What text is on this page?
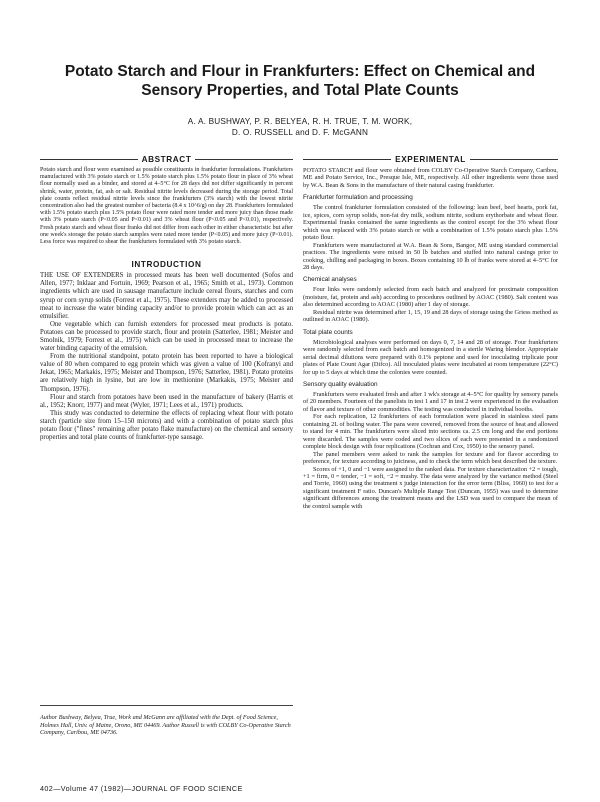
Potato Starch and Flour in Frankfurters: Effect on Chemical and Sensory Properties, and Total Plate Counts
A. A. BUSHWAY, P. R. BELYEA, R. H. TRUE, T. M. WORK,
D. O. RUSSELL and D. F. McGANN
ABSTRACT

Potato starch and flour were examined as possible constituents in frankfurter formulations. Frankfurters manufactured with 3% potato starch or 1.5% potato starch plus 1.5% potato flour in place of 3% wheat flour normally used as a binder, and stored at 4–5°C for 28 days did not differ significantly in percent shrink, water, protein, fat, ash or salt. Residual nitrite levels decreased during the storage period. Total plate counts reflect residual nitrite levels since the frankfurters (3% starch) with the lowest nitrite concentration also had the greatest number of bacteria (8.4 x 10^6/g) on day 28. Frankfurters formulated with 1.5% potato starch plus 1.5% potato flour were rated more tender and more juicy than those made with 3% potato starch (P<0.05 and P<0.01) and 3% wheat flour (P<0.05 and P<0.01), respectively. Fresh potato starch and wheat flour franks did not differ from each other in either characteristic but after one week's storage the potato starch samples were rated more tender (P<0.05) and more juicy (P<0.01). Less force was required to shear the frankfurters formulated with 3% potato starch.

INTRODUCTION

THE USE OF EXTENDERS in processed meats has been well documented (Sofos and Allen, 1977; Inklaar and Fortuin, 1969; Pearson et al., 1965; Smith et al., 1973). Common ingredients which are used in sausage manufacture include cereal flours, starches and corn syrup or corn syrup solids (Forrest et al., 1975). These extenders may be added to processed meat to increase the water binding capacity and/or to provide protein which can act as an emulsifier.

One vegetable which can furnish extenders for processed meat products is potato. Potatoes can be processed to provide starch, flour and protein (Satterlee, 1981; Meister and Smolnik, 1979; Forrest et al., 1975) which can be used in processed meat to increase the water binding capacity of the emulsion.

From the nutritional standpoint, potato protein has been reported to have a biological value of 80 when compared to egg protein which was given a value of 100 (Kofranyi and Jekat, 1965; Markakis, 1975; Meister and Thompson, 1976; Satterlee, 1981). Potato proteins are relatively high in lysine, but are low in methionine (Markakis, 1975; Meister and Thompson, 1976).

Flour and starch from potatoes have been used in the manufacture of bakery (Harris et al., 1952; Knorr, 1977) and meat (Wyler, 1971; Lees et al., 1971) products.

This study was conducted to determine the effects of replacing wheat flour with potato starch (particle size from 15–150 microns) and with a combination of potato starch plus potato flour ("fines" remaining after potato flake manufacture) on the chemical and sensory properties and total plate counts of frankfurter-type sausage.

Author Bushway, Belyea, True, Work and McGann are affiliated with the Dept. of Food Science, Holmes Hall, Univ. of Maine, Orono, ME 04469. Author Russell is with COLBY Co-Operative Starch Company, Caribou, ME 04736.

EXPERIMENTAL

POTATO STARCH and flour were obtained from COLBY Co-Operative Starch Company, Caribou, ME and Potato Service, Inc., Presque Isle, ME, respectively. All other ingredients were those used by W.A. Bean & Sons in the manufacture of their natural casing frankfurter.

Frankfurter formulation and processing

The control frankfurter formulation consisted of the following: lean beef, beef hearts, pork fat, ice, spices, corn syrup solids, non-fat dry milk, sodium nitrite, sodium erythorbate and wheat flour. Experimental franks contained the same ingredients as the control except for the 3% wheat flour which was replaced with 3% potato starch or with a combination of 1.5% potato starch plus 1.5% potato flour.

Frankfurters were manufactured at W.A. Bean & Sons, Bangor, ME using standard commercial practices. The ingredients were mixed in 50 lb batches and stuffed into natural casings prior to cooking, chilling and packaging in boxes. Boxes containing 10 lb of franks were stored at 4–5°C for 28 days.

Chemical analyses

Four links were randomly selected from each batch and analyzed for proximate composition (moisture, fat, protein and ash) according to procedures outlined by AOAC (1980). Salt content was also determined according to AOAC (1980) after 1 day of storage.

Residual nitrite was determined after 1, 15, 19 and 28 days of storage using the Griess method as outlined in AOAC (1980).

Total plate counts

Microbiological analyses were performed on days 0, 7, 14 and 28 of storage. Four frankfurters were randomly selected from each batch and homogenized in a sterile Waring blendor. Appropriate serial decimal dilutions were prepared with 0.1% peptone and used for inoculating triplicate pour plates of Plate Count Agar (Difco). All inoculated plates were incubated at room temperature (22°C) for up to 5 days at which time the colonies were counted.

Sensory quality evaluation

Frankfurters were evaluated fresh and after 1 wk's storage at 4–5°C for quality by sensory panels of 20 members. Fourteen of the panelists in test 1 and 17 in test 2 were experienced in the evaluation of flavor and texture of other commodities. The testing was conducted in individual booths.

For each replication, 12 frankfurters of each formulation were placed in stainless steel pans containing 2L of boiling water. The pans were covered, removed from the source of heat and allowed to stand for 4 min. The frankfurters were sliced into sections ca. 2.5 cm long and the end portions were discarded. The samples were coded and two slices of each were presented in a randomized complete block design with four replications (Cochran and Cox, 1950) to the sensory panel.

The panel members were asked to rank the samples for texture and for flavor according to preference, for texture according to juiciness, and to check the term which best described the texture.

Scores of +1, 0 and −1 were assigned to the ranked data. For texture characterization +2 = tough, +1 = firm, 0 = tender, −1 = soft, −2 = mushy. The data were analyzed by the variance method (Steel and Torrie, 1960) using the treatment x judge interaction for the error term (Bliss, 1960) to test for a significant treatment F ratio. Duncan's Multiple Range Test (Duncan, 1955) was used to determine significant differences among the treatment means and the LSD was used to compare the mean of the control sample with

402—Volume 47 (1982)—JOURNAL OF FOOD SCIENCE
